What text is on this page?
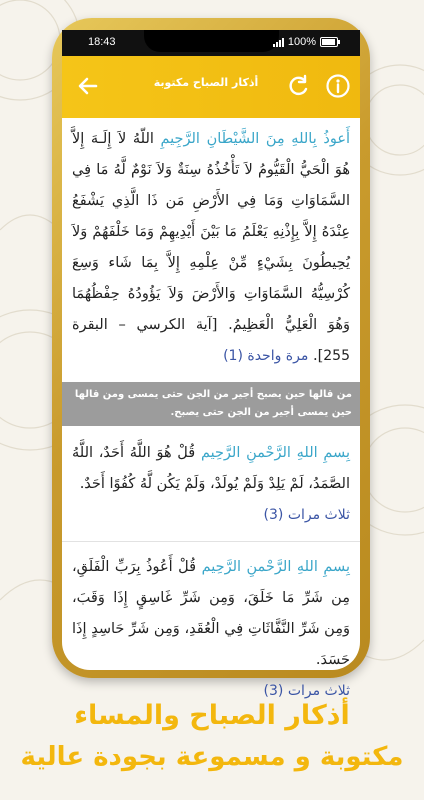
18:43	100%
أذكار الصباح مكتوبة
أَعوذُ بِاللهِ مِنَ الشَّيْطَانِ الرَّجِيمِ اللّهُ لاَ إِلَـهَ إِلاَّ هُوَ الْحَيُّ الْقَيُّومُ لاَ تَأْخُذُهُ سِنَةٌ وَلاَ نَوْمٌ لَّهُ مَا فِي السَّمَاوَاتِ وَمَا فِي الأَرْضِ مَن ذَا الَّذِي يَشْفَعُ عِنْدَهُ إِلاَّ بِإِذْنِهِ يَعْلَمُ مَا بَيْنَ أَيْدِيهِمْ وَمَا خَلْفَهُمْ وَلاَ يُحِيطُونَ بِشَيْءٍ مِّنْ عِلْمِهِ إِلاَّ بِمَا شَاء وَسِعَ كُرْسِيُّهُ السَّمَاوَاتِ وَالأَرْضَ وَلاَ يَؤُودُهُ حِفْظُهُمَا وَهُوَ الْعَلِيُّ الْعَظِيمُ. [آية الكرسي – البقرة 255]. مرة واحدة (1)
من قالها حين يصبح أجير من الجن حتى يمسى ومن قالها حين يمسى أجير من الجن حتى يصبح.
بِسمِ اللهِ الرَّحْمنِ الرَّحِيم قُلْ هُوَ اللَّهُ أَحَدٌ، اللَّهُ الصَّمَدُ، لَمْ يَلِدْ وَلَمْ يُولَدْ، وَلَمْ يَكُن لَّهُ كُفُوًا أَحَدٌ.
ثلاث مرات (3)
بِسمِ اللهِ الرَّحْمنِ الرَّحِيم قُلْ أَعُوذُ بِرَبِّ الْفَلَقِ، مِن شَرِّ مَا خَلَقَ، وَمِن شَرِّ غَاسِقٍ إِذَا وَقَبَ، وَمِن شَرِّ النَّفَّاثَاتِ فِي الْعُقَدِ، وَمِن شَرِّ حَاسِدٍ إِذَا حَسَدَ.
ثلاث مرات (3)
أذكار الصباح والمساء
مكتوبة و مسموعة بجودة عالية
